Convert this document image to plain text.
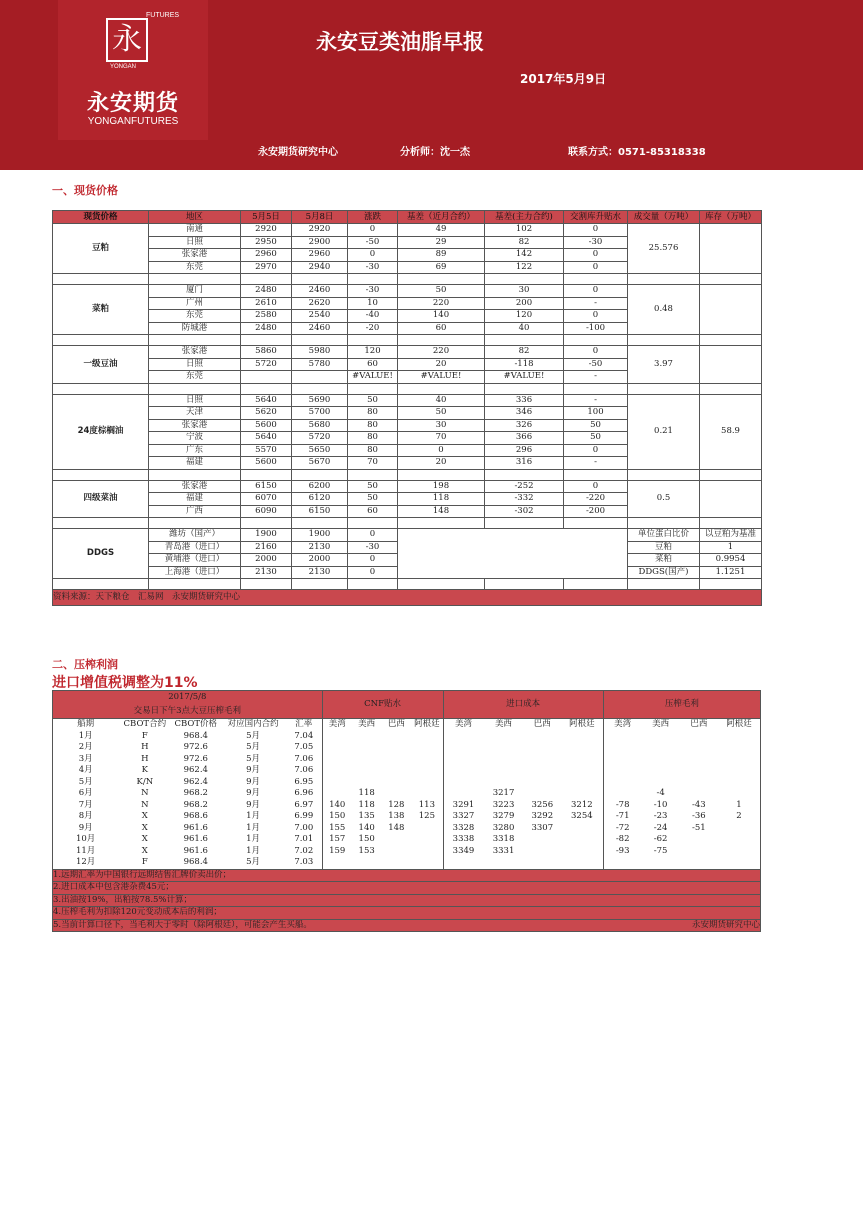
FUTURES
永
YONGAN
永安期货
YONGANFUTURES
永安豆类油脂早报
2017年5月9日
永安期货研究中心	分析师：沈一杰	联系方式：0571-85318338
一、现货价格
现货价格	地区	5月5日	5月8日	涨跌	基差（近月合约）	基差(主力合约)	交割库升贴水	成交量（万吨）	库存（万吨）
豆粕	南通	2920	2920	0	49	102	0	25.576	
	日照	2950	2900	-50	29	82	-30		
	张家港	2960	2960	0	89	142	0		
	东莞	2970	2940	-30	69	122	0		

菜粕	厦门	2480	2460	-30	50	30	0	0.48	
	广州	2610	2620	10	220	200	-		
	东莞	2580	2540	-40	140	120	0		
	防城港	2480	2460	-20	60	40	-100		

一级豆油	张家港	5860	5980	120	220	82	0	3.97	
	日照	5720	5780	60	20	-118	-50		
	东莞			#VALUE!	#VALUE!	#VALUE!	-		

24度棕榈油	日照	5640	5690	50	40	336	-	0.21	58.9
	天津	5620	5700	80	50	346	100		
	张家港	5600	5680	80	30	326	50		
	宁波	5640	5720	80	70	366	50		
	广东	5570	5650	80	0	296	0		
	福建	5600	5670	70	20	316	-		

四级菜油	张家港	6150	6200	50	198	-252	0	0.5	
	福建	6070	6120	50	118	-332	-220		
	广西	6090	6150	60	148	-302	-200		

DDGS	潍坊（国产）	1900	1900	0				单位蛋白比价	以豆粕为基准
	青岛港（进口）	2160	2130	-30				豆粕	1
	黄埔港（进口）	2000	2000	0				菜粕	0.9954
	上海港（进口）	2130	2130	0				DDGS(国产)	1.1251

资料来源：天下粮仓　汇易网　永安期货研究中心									
二、压榨利润
进口增值税调整为11%
2017/5/8					CNF贴水				进口成本				压榨毛利			
交易日下午3点大豆压榨毛利																
船期	CBOT合约	CBOT价格	对应国内合约	汇率	美湾	美西	巴西	阿根廷	美湾	美西	巴西	阿根廷	美湾	美西	巴西	阿根廷
1月	F	968.4	5月	7.04												
2月	H	972.6	5月	7.05												
3月	H	972.6	5月	7.06												
4月	K	962.4	9月	7.06												
5月	K/N	962.4	9月	6.95												
6月	N	968.2	9月	6.96		118				3217				-4		
7月	N	968.2	9月	6.97	140	118	128	113	3291	3223	3256	3212	-78	-10	-43	1
8月	X	968.6	1月	6.99	150	135	138	125	3327	3279	3292	3254	-71	-23	-36	2
9月	X	961.6	1月	7.00	155	140	148		3328	3280	3307		-72	-24	-51	
10月	X	961.6	1月	7.01	157	150			3338	3318			-82	-62		
11月	X	961.6	1月	7.02	159	153			3349	3331			-93	-75		
12月	F	968.4	5月	7.03												
1.远期汇率为中国银行远期结售汇牌价卖出价；																
2.进口成本中包含港杂费45元；																
3.出油按19%，出粕按78.5%计算；																
4.压榨毛利为扣除120元变动成本后的利润；																
5.当前计算口径下，当毛利大于零时（除阿根廷），可能会产生买船。													永安期货研究中心			
